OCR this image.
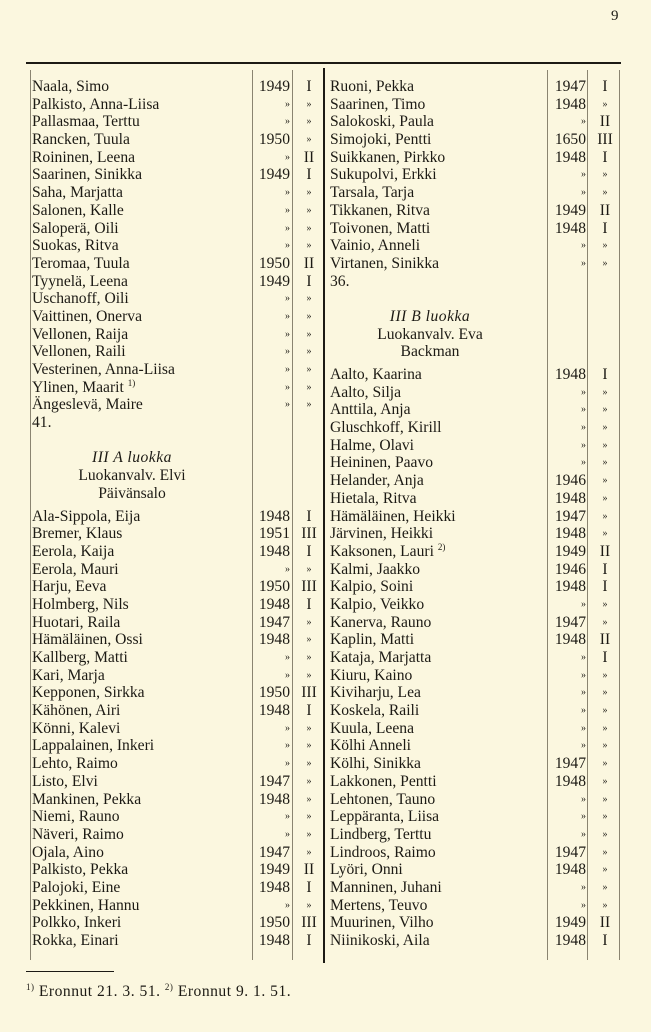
9
Naala, Simo	1949	I
Palkisto, Anna-Liisa	»	»
Pallasmaa, Terttu	»	»
Rancken, Tuula	1950	»
Roininen, Leena	» II
Saarinen, Sinikka	1949	I
Saha, Marjatta	»	»
Salonen, Kalle	»	»
Saloperä, Oili	»	»
Suokas, Ritva	»	»
Teromaa, Tuula	1950 II
Tyynelä, Leena	1949	I
Uschanoff, Oili	»	»
Vaittinen, Onerva	»	»
Vellonen, Raija	»	»
Vellonen, Raili	»	»
Vesterinen, Anna-Liisa	»	»
Ylinen, Maarit $^{1)}$	»	»
Ängeslevä, Maire	»	»
41.
III A luokka
Luokanvalv. Elvi
Päivänsalo
Ala-Sippola, Eija	1948	I
Bremer, Klaus	1951 III
Eerola, Kaija	1948	I
Eerola, Mauri	»	»
Harju, Eeva	1950 III
Holmberg, Nils	1948	I
Huotari, Raila	1947	»
Hämäläinen, Ossi	1948	»
Kallberg, Matti	»	»
Kari, Marja	»	»
Kepponen, Sirkka	1950 III
Kähönen, Airi	1948	I
Könni, Kalevi	»	»
Lappalainen, Inkeri	»	»
Lehto, Raimo	»	»
Listo, Elvi	1947	»
Mankinen, Pekka	1948	»
Niemi, Rauno	»	»
Näveri, Raimo	»	»
Ojala, Aino	1947	»
Palkisto, Pekka	1949 II
Palojoki, Eine	1948	I
Pekkinen, Hannu	»	»
Polkko, Inkeri	1950 III
Rokka, Einari	1948	I
Ruoni, Pekka	1947	I
Saarinen, Timo	1948	»
Salokoski, Paula	» II
Simojoki, Pentti	1650 III
Suikkanen, Pirkko	1948	I
Sukupolvi, Erkki	»	»
Tarsala, Tarja	»	»
Tikkanen, Ritva	1949 II
Toivonen, Matti	1948	I
Vainio, Anneli	»	»
Virtanen, Sinikka	»	»
36.
III B luokka
Luokanvalv. Eva
Backman
Aalto, Kaarina	1948	I
Aalto, Silja	»	»
Anttila, Anja	»	»
Gluschkoff, Kirill	»	»
Halme, Olavi	»	»
Heininen, Paavo	»	»
Helander, Anja	1946	»
Hietala, Ritva	1948	»
Hämäläinen, Heikki	1947	»
Järvinen, Heikki	1948	»
Kaksonen, Lauri $^{2)}$	1949 II
Kalmi, Jaakko	1946	I
Kalpio, Soini	1948	I
Kalpio, Veikko	»	»
Kanerva, Rauno	1947	»
Kaplin, Matti	1948 II
Kataja, Marjatta	»	I
Kiuru, Kaino	»	»
Kiviharju, Lea	»	»
Koskela, Raili	»	»
Kuula, Leena	»	»
Kölhi Anneli	»	»
Kölhi, Sinikka	1947	»
Lakkonen, Pentti	1948	»
Lehtonen, Tauno	»	»
Leppäranta, Liisa	»	»
Lindberg, Terttu	»	»
Lindroos, Raimo	1947	»
Lyöri, Onni	1948	»
Manninen, Juhani	»	»
Mertens, Teuvo	»	»
Muurinen, Vilho	1949 II
Niinikoski, Aila	1948	I
$^{1)}$ Eronnut 21. 3. 51. $^{2)}$ Eronnut 9. 1. 51.
